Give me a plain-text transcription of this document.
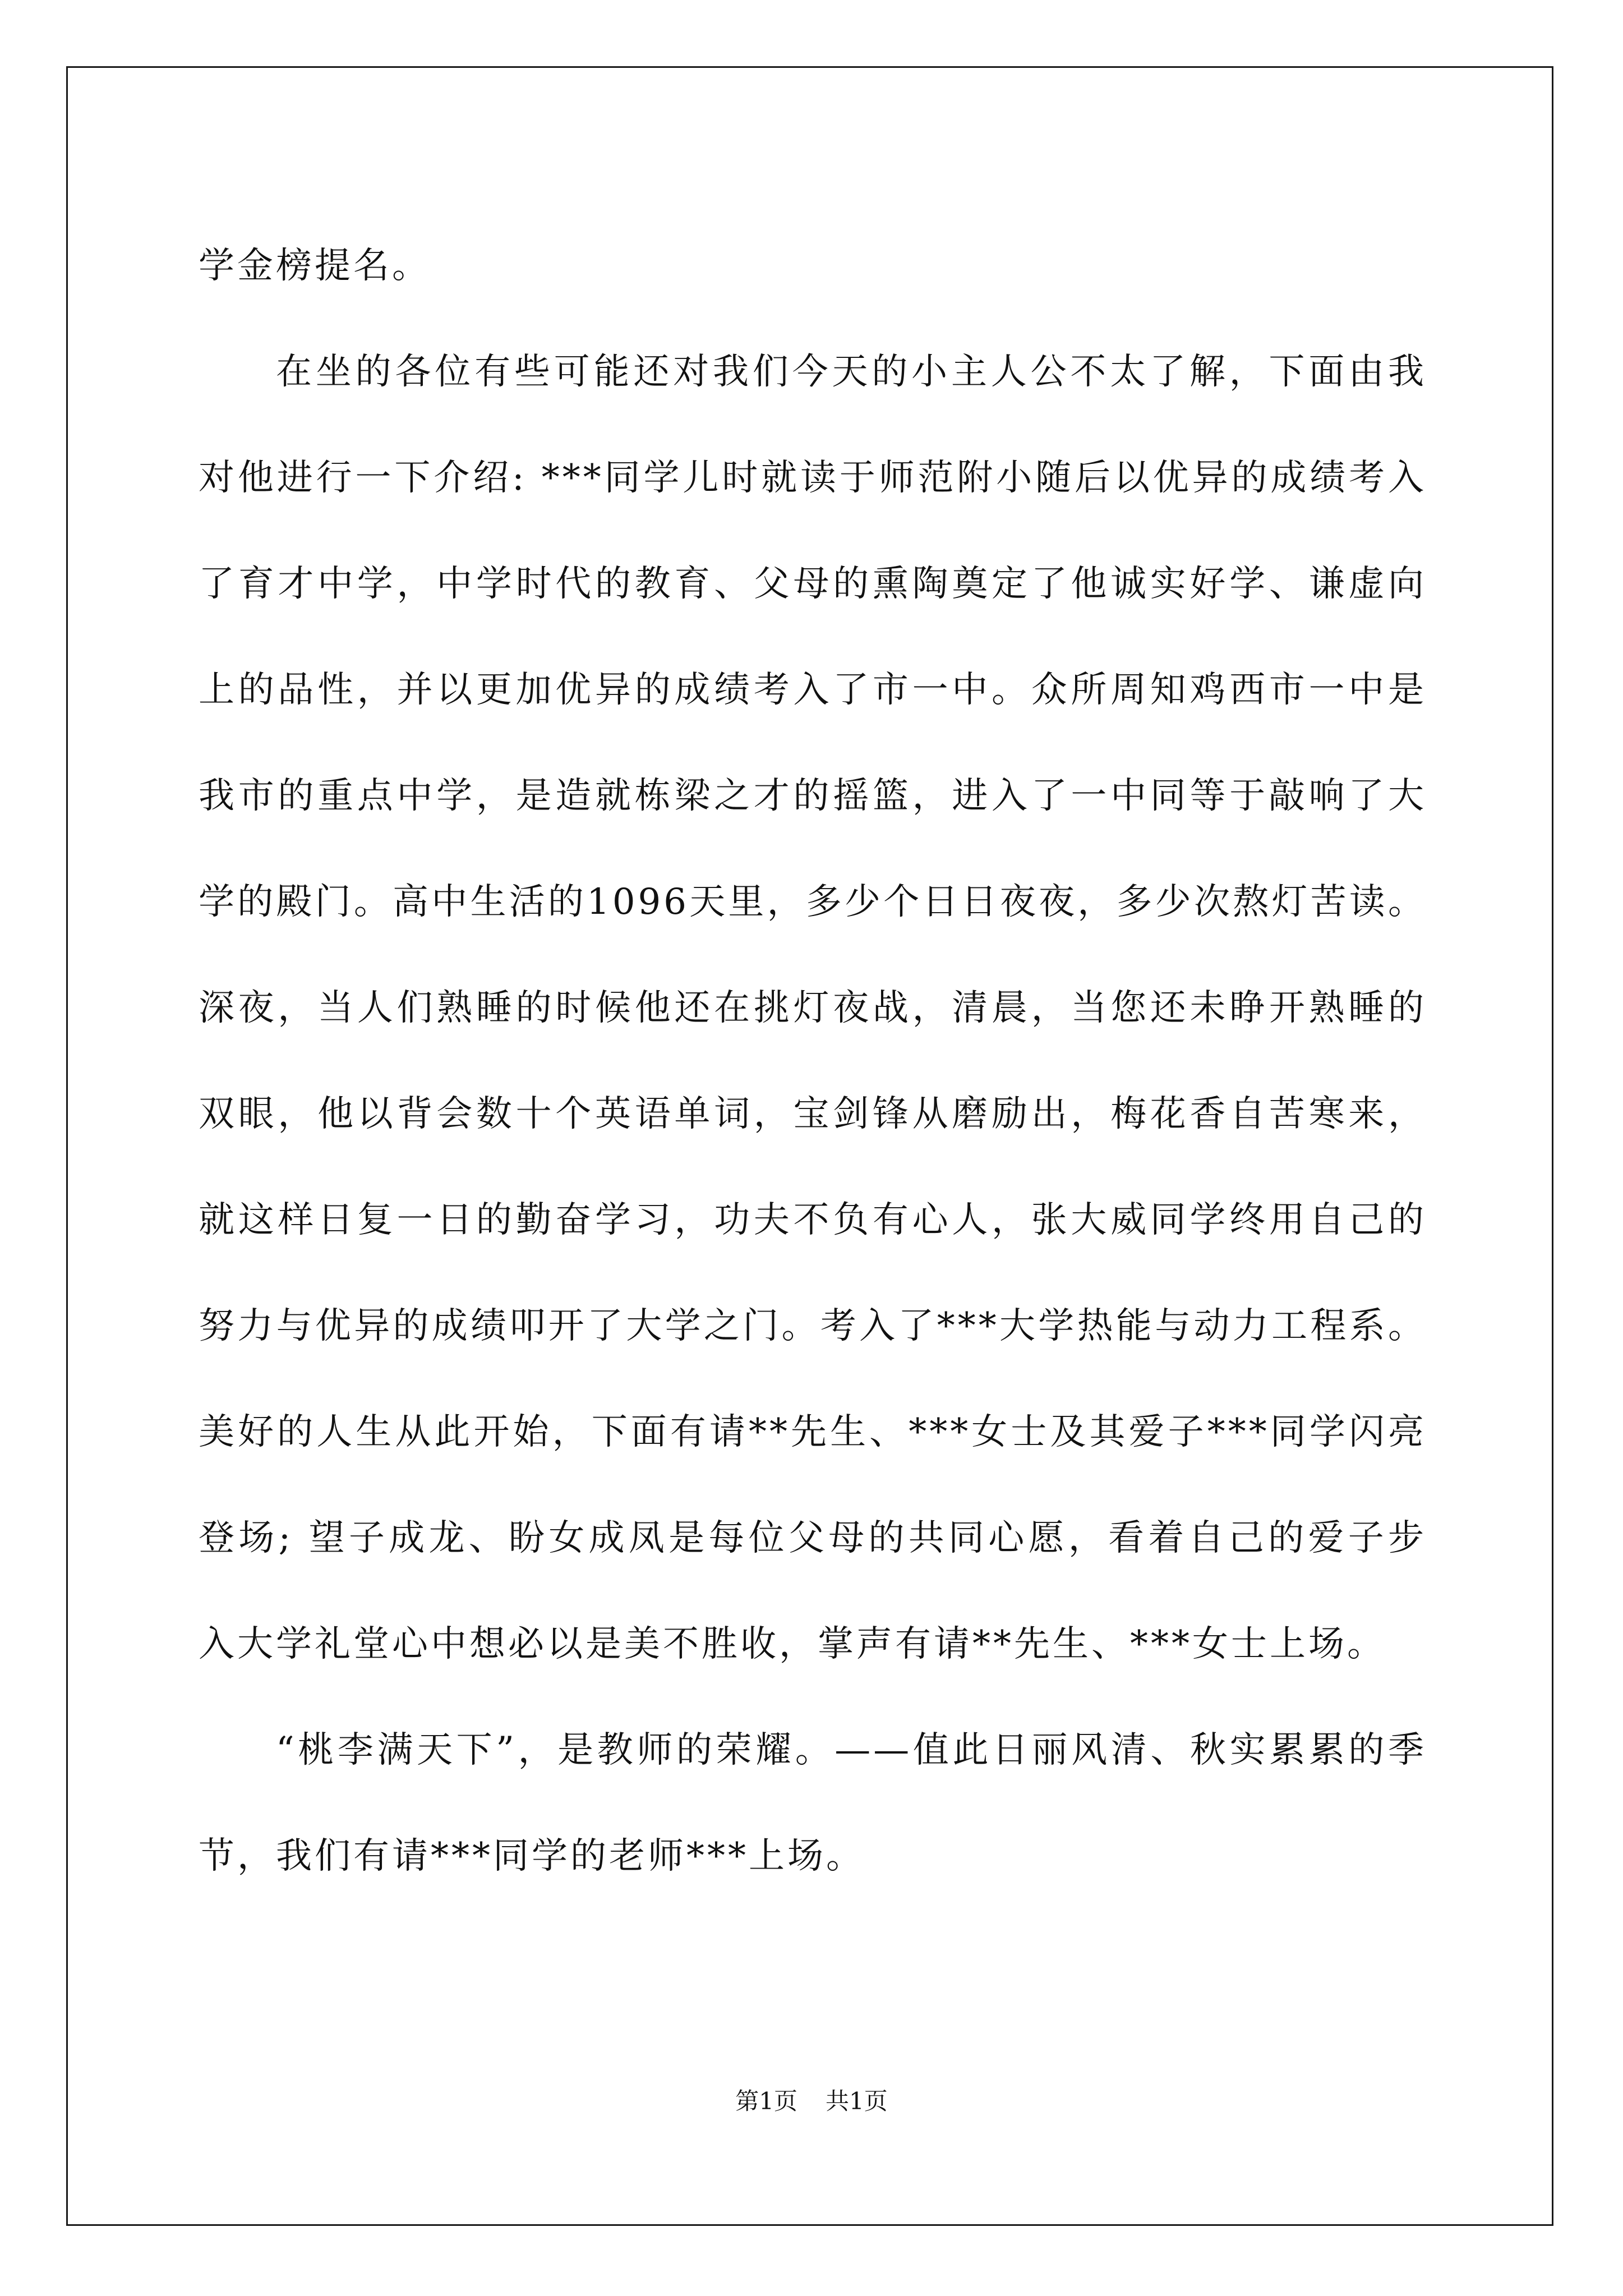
学金榜提名。

在坐的各位有些可能还对我们今天的小主人公不太了解，下面由我对他进行一下介绍: ***同学儿时就读于师范附小随后以优异的成绩考入了育才中学，中学时代的教育、父母的熏陶奠定了他诚实好学、谦虚向上的品性，并以更加优异的成绩考入了市一中。众所周知鸡西市一中是我市的重点中学，是造就栋梁之才的摇篮，进入了一中同等于敲响了大学的殿门。高中生活的1096天里，多少个日日夜夜，多少次熬灯苦读。深夜，当人们熟睡的时候他还在挑灯夜战，清晨，当您还未睁开熟睡的双眼，他以背会数十个英语单词，宝剑锋从磨励出，梅花香自苦寒来，就这样日复一日的勤奋学习，功夫不负有心人，张大威同学终用自己的努力与优异的成绩叩开了大学之门。考入了***大学热能与动力工程系。美好的人生从此开始，下面有请**先生、***女士及其爱子***同学闪亮登场; 望子成龙、盼女成凤是每位父母的共同心愿，看着自己的爱子步入大学礼堂心中想必以是美不胜收，掌声有请**先生、***女士上场。

“桃李满天下”，是教师的荣耀。——值此日丽风清、秋实累累的季节，我们有请***同学的老师***上场。

第1页 共1页
